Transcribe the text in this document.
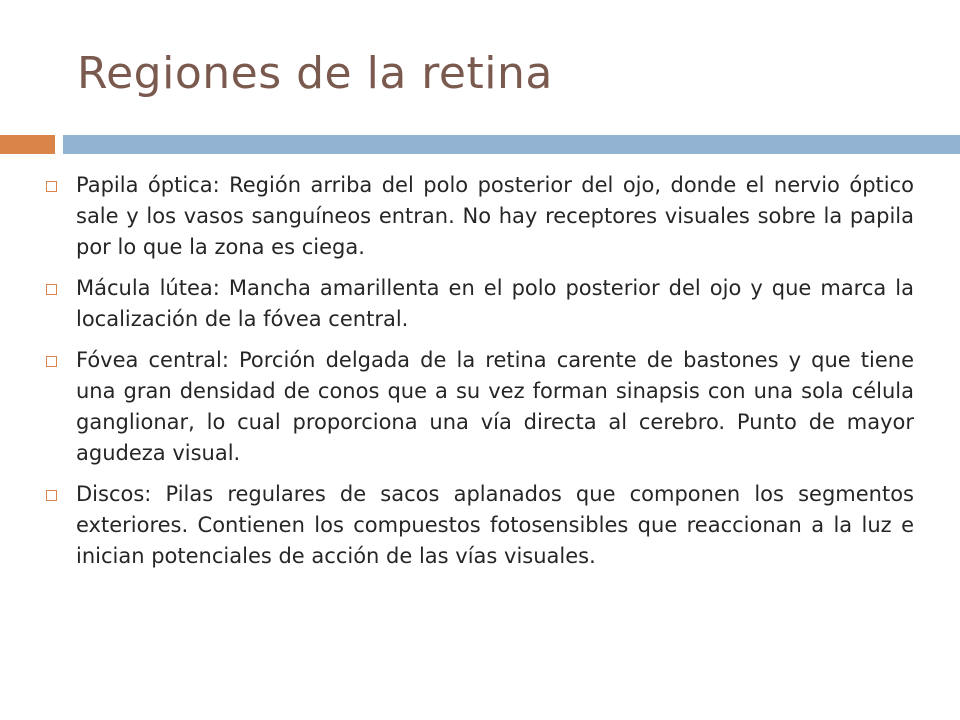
Regiones de la retina
Papila óptica: Región arriba del polo posterior del ojo, donde el nervio óptico sale y los vasos sanguíneos entran. No hay receptores visuales sobre la papila por lo que la zona es ciega.
Mácula lútea: Mancha amarillenta en el polo posterior del ojo y que marca la localización de la fóvea central.
Fóvea central: Porción delgada de la retina carente de bastones y que tiene una gran densidad de conos que a su vez forman sinapsis con una sola célula ganglionar, lo cual proporciona una vía directa al cerebro. Punto de mayor agudeza visual.
Discos: Pilas regulares de sacos aplanados que componen los segmentos exteriores. Contienen los compuestos fotosensibles que reaccionan a la luz e inician potenciales de acción de las vías visuales.
